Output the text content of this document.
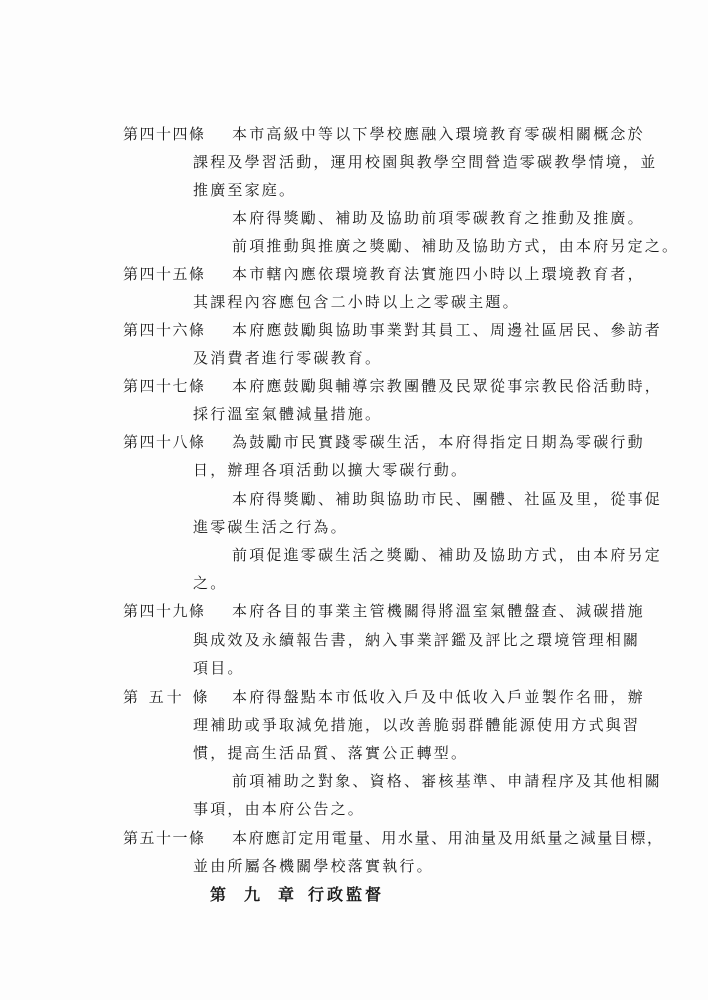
第四十四條 本市高級中等以下學校應融入環境教育零碳相關概念於
課程及學習活動，運用校園與教學空間營造零碳教學情境，並
推廣至家庭。
本府得獎勵、補助及協助前項零碳教育之推動及推廣。
前項推動與推廣之獎勵、補助及協助方式，由本府另定之。
第四十五條 本市轄內應依環境教育法實施四小時以上環境教育者，
其課程內容應包含二小時以上之零碳主題。
第四十六條 本府應鼓勵與協助事業對其員工、周邊社區居民、參訪者
及消費者進行零碳教育。
第四十七條 本府應鼓勵與輔導宗教團體及民眾從事宗教民俗活動時，
採行溫室氣體減量措施。
第四十八條 為鼓勵市民實踐零碳生活，本府得指定日期為零碳行動
日，辦理各項活動以擴大零碳行動。
本府得獎勵、補助與協助市民、團體、社區及里，從事促
進零碳生活之行為。
前項促進零碳生活之獎勵、補助及協助方式，由本府另定
之。
第四十九條 本府各目的事業主管機關得將溫室氣體盤查、減碳措施
與成效及永續報告書，納入事業評鑑及評比之環境管理相關
項目。
第 五十 條 本府得盤點本市低收入戶及中低收入戶並製作名冊，辦
理補助或爭取減免措施，以改善脆弱群體能源使用方式與習
慣，提高生活品質、落實公正轉型。
前項補助之對象、資格、審核基準、申請程序及其他相關
事項，由本府公告之。
第五十一條 本府應訂定用電量、用水量、用油量及用紙量之減量目標，
並由所屬各機關學校落實執行。
第　九　章 行政監督
